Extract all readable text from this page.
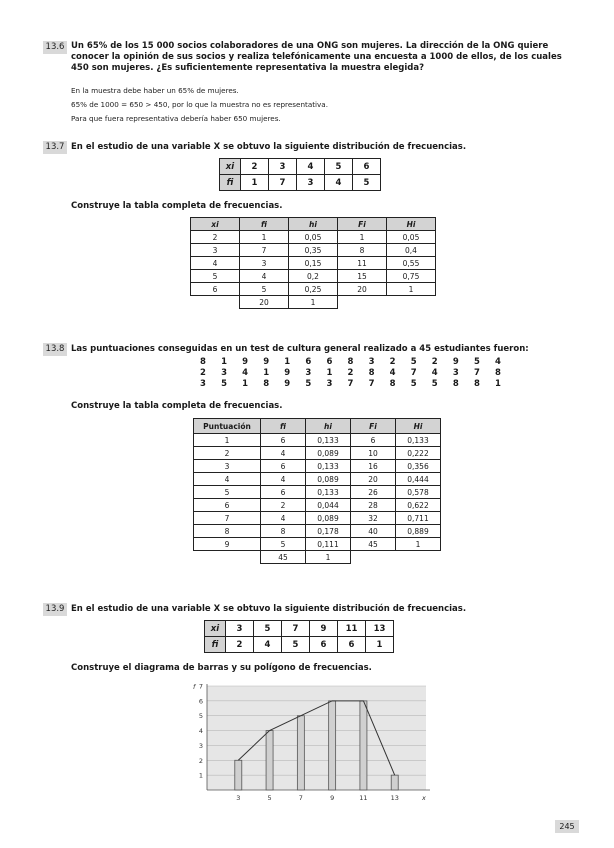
13.6 Un 65% de los 15 000 socios colaboradores de una ONG son mujeres. La dirección de la ONG quiere
conocer la opinión de sus socios y realiza telefónicamente una encuesta a 1000 de ellos, de los cuales
450 son mujeres. ¿Es suficientemente representativa la muestra elegida?
En la muestra debe haber un 65% de mujeres.
65% de 1000 = 650 > 450, por lo que la muestra no es representativa.
Para que fuera representativa debería haber 650 mujeres.
13.7 En el estudio de una variable X se obtuvo la siguiente distribución de frecuencias.
xi	2	3	4	5	6
fi	1	7	3	4	5
Construye la tabla completa de frecuencias.
xi	fi	hi	Fi	Hi
2	1	0,05	1	0,05
3	7	0,35	8	0,4
4	3	0,15	11	0,55
5	4	0,2	15	0,75
6	5	0,25	20	1
	20	1		
13.8 Las puntuaciones conseguidas en un test de cultura general realizado a 45 estudiantes fueron:
8 1 9 9 1 6 6 8 3 2 5 2 9 5 4
2 3 4 1 9 3 1 2 8 4 7 4 3 7 8
3 5 1 8 9 5 3 7 7 8 5 5 8 8 1
Construye la tabla completa de frecuencias.
Puntuación	fi	hi	Fi	Hi
1	6	0,133	6	0,133
2	4	0,089	10	0,222
3	6	0,133	16	0,356
4	4	0,089	20	0,444
5	6	0,133	26	0,578
6	2	0,044	28	0,622
7	4	0,089	32	0,711
8	8	0,178	40	0,889
9	5	0,111	45	1
	45	1		
13.9 En el estudio de una variable X se obtuvo la siguiente distribución de frecuencias.
xi	3	5	7	9	11	13
fi	2	4	5	6	6	1
Construye el diagrama de barras y su polígono de frecuencias.
1
2
3
4
5
6
7
f
x
3	5	7	9	11	13
245
